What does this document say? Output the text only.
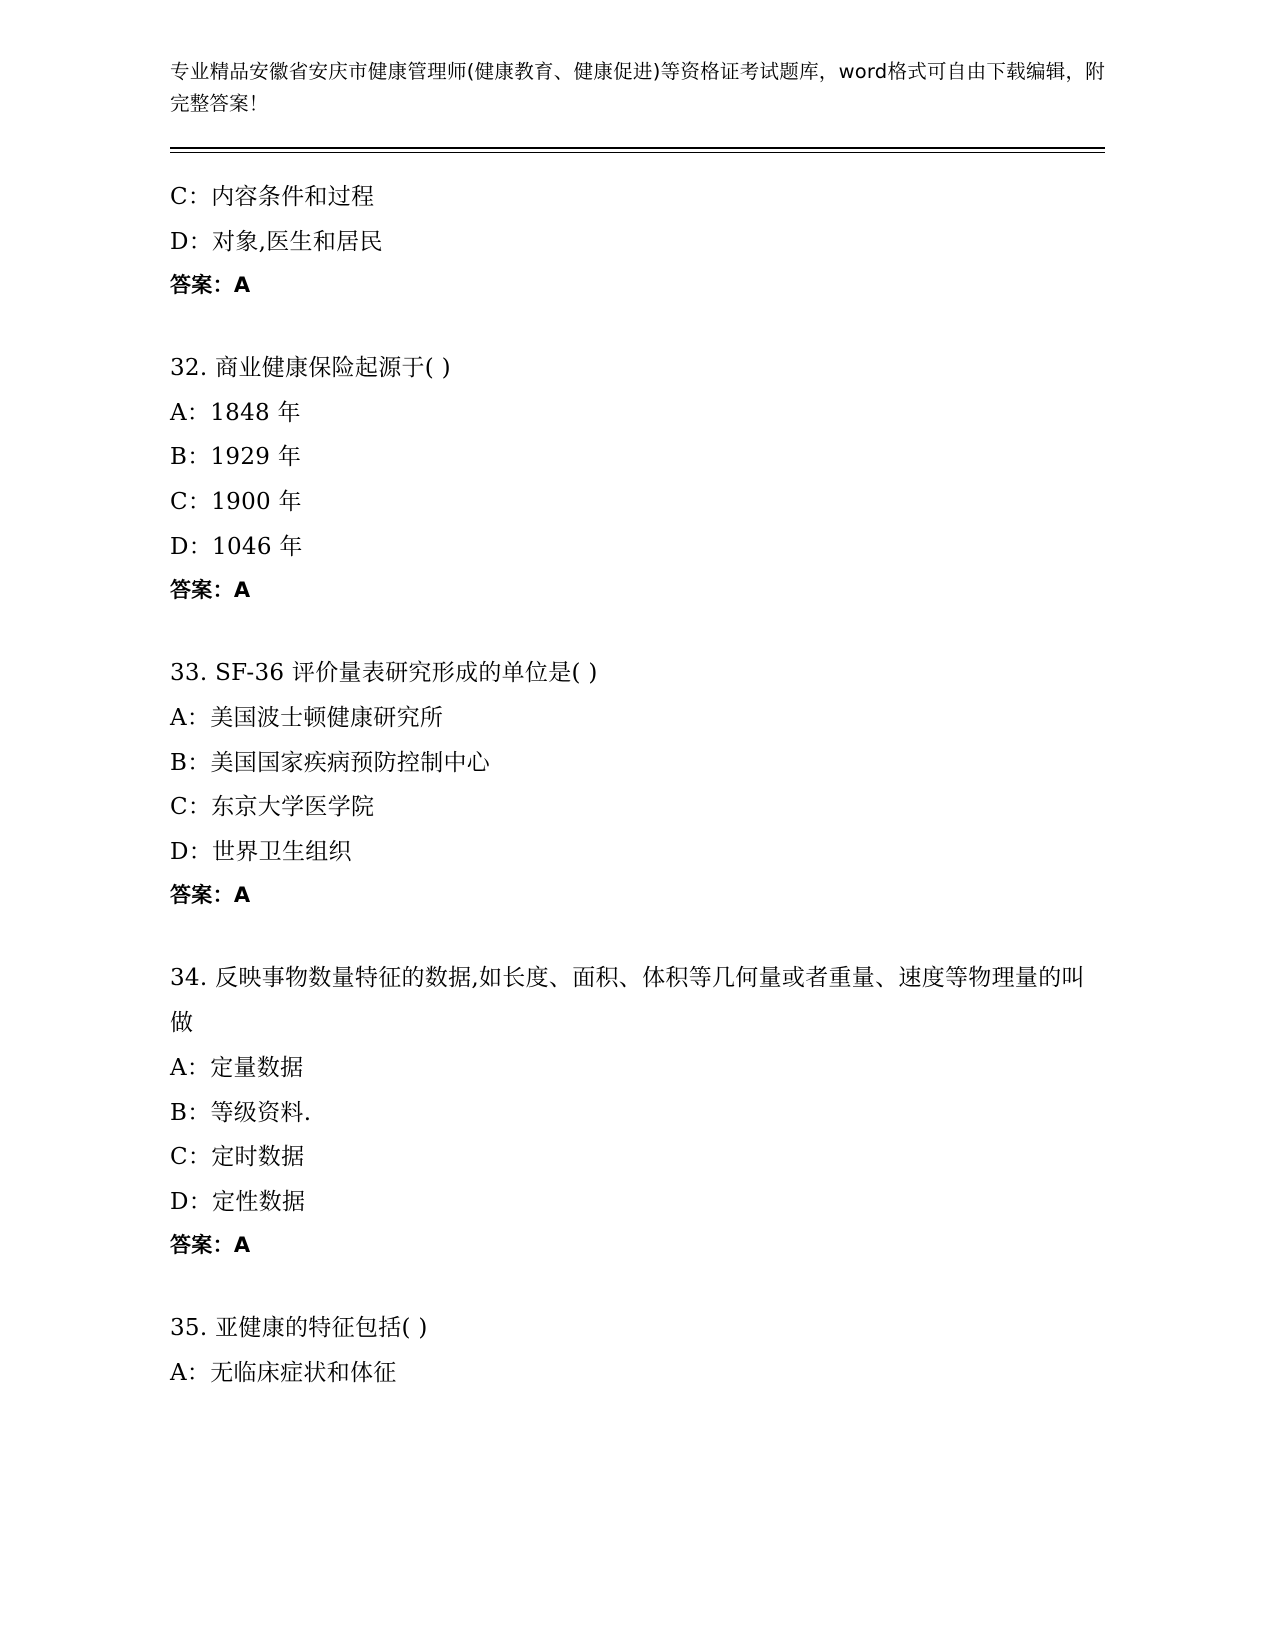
专业精品安徽省安庆市健康管理师(健康教育、健康促进)等资格证考试题库，word格式可自由下载编辑，附完整答案！
C：内容条件和过程
D：对象,医生和居民
答案：A
32. 商业健康保险起源于( )
A：1848 年
B：1929 年
C：1900 年
D：1046 年
答案：A
33. SF-36 评价量表研究形成的单位是( )
A：美国波士顿健康研究所
B：美国国家疾病预防控制中心
C：东京大学医学院
D：世界卫生组织
答案：A
34. 反映事物数量特征的数据,如长度、面积、体积等几何量或者重量、速度等物理量的叫做
A：定量数据
B：等级资料.
C：定时数据
D：定性数据
答案：A
35. 亚健康的特征包括( )
A：无临床症状和体征
